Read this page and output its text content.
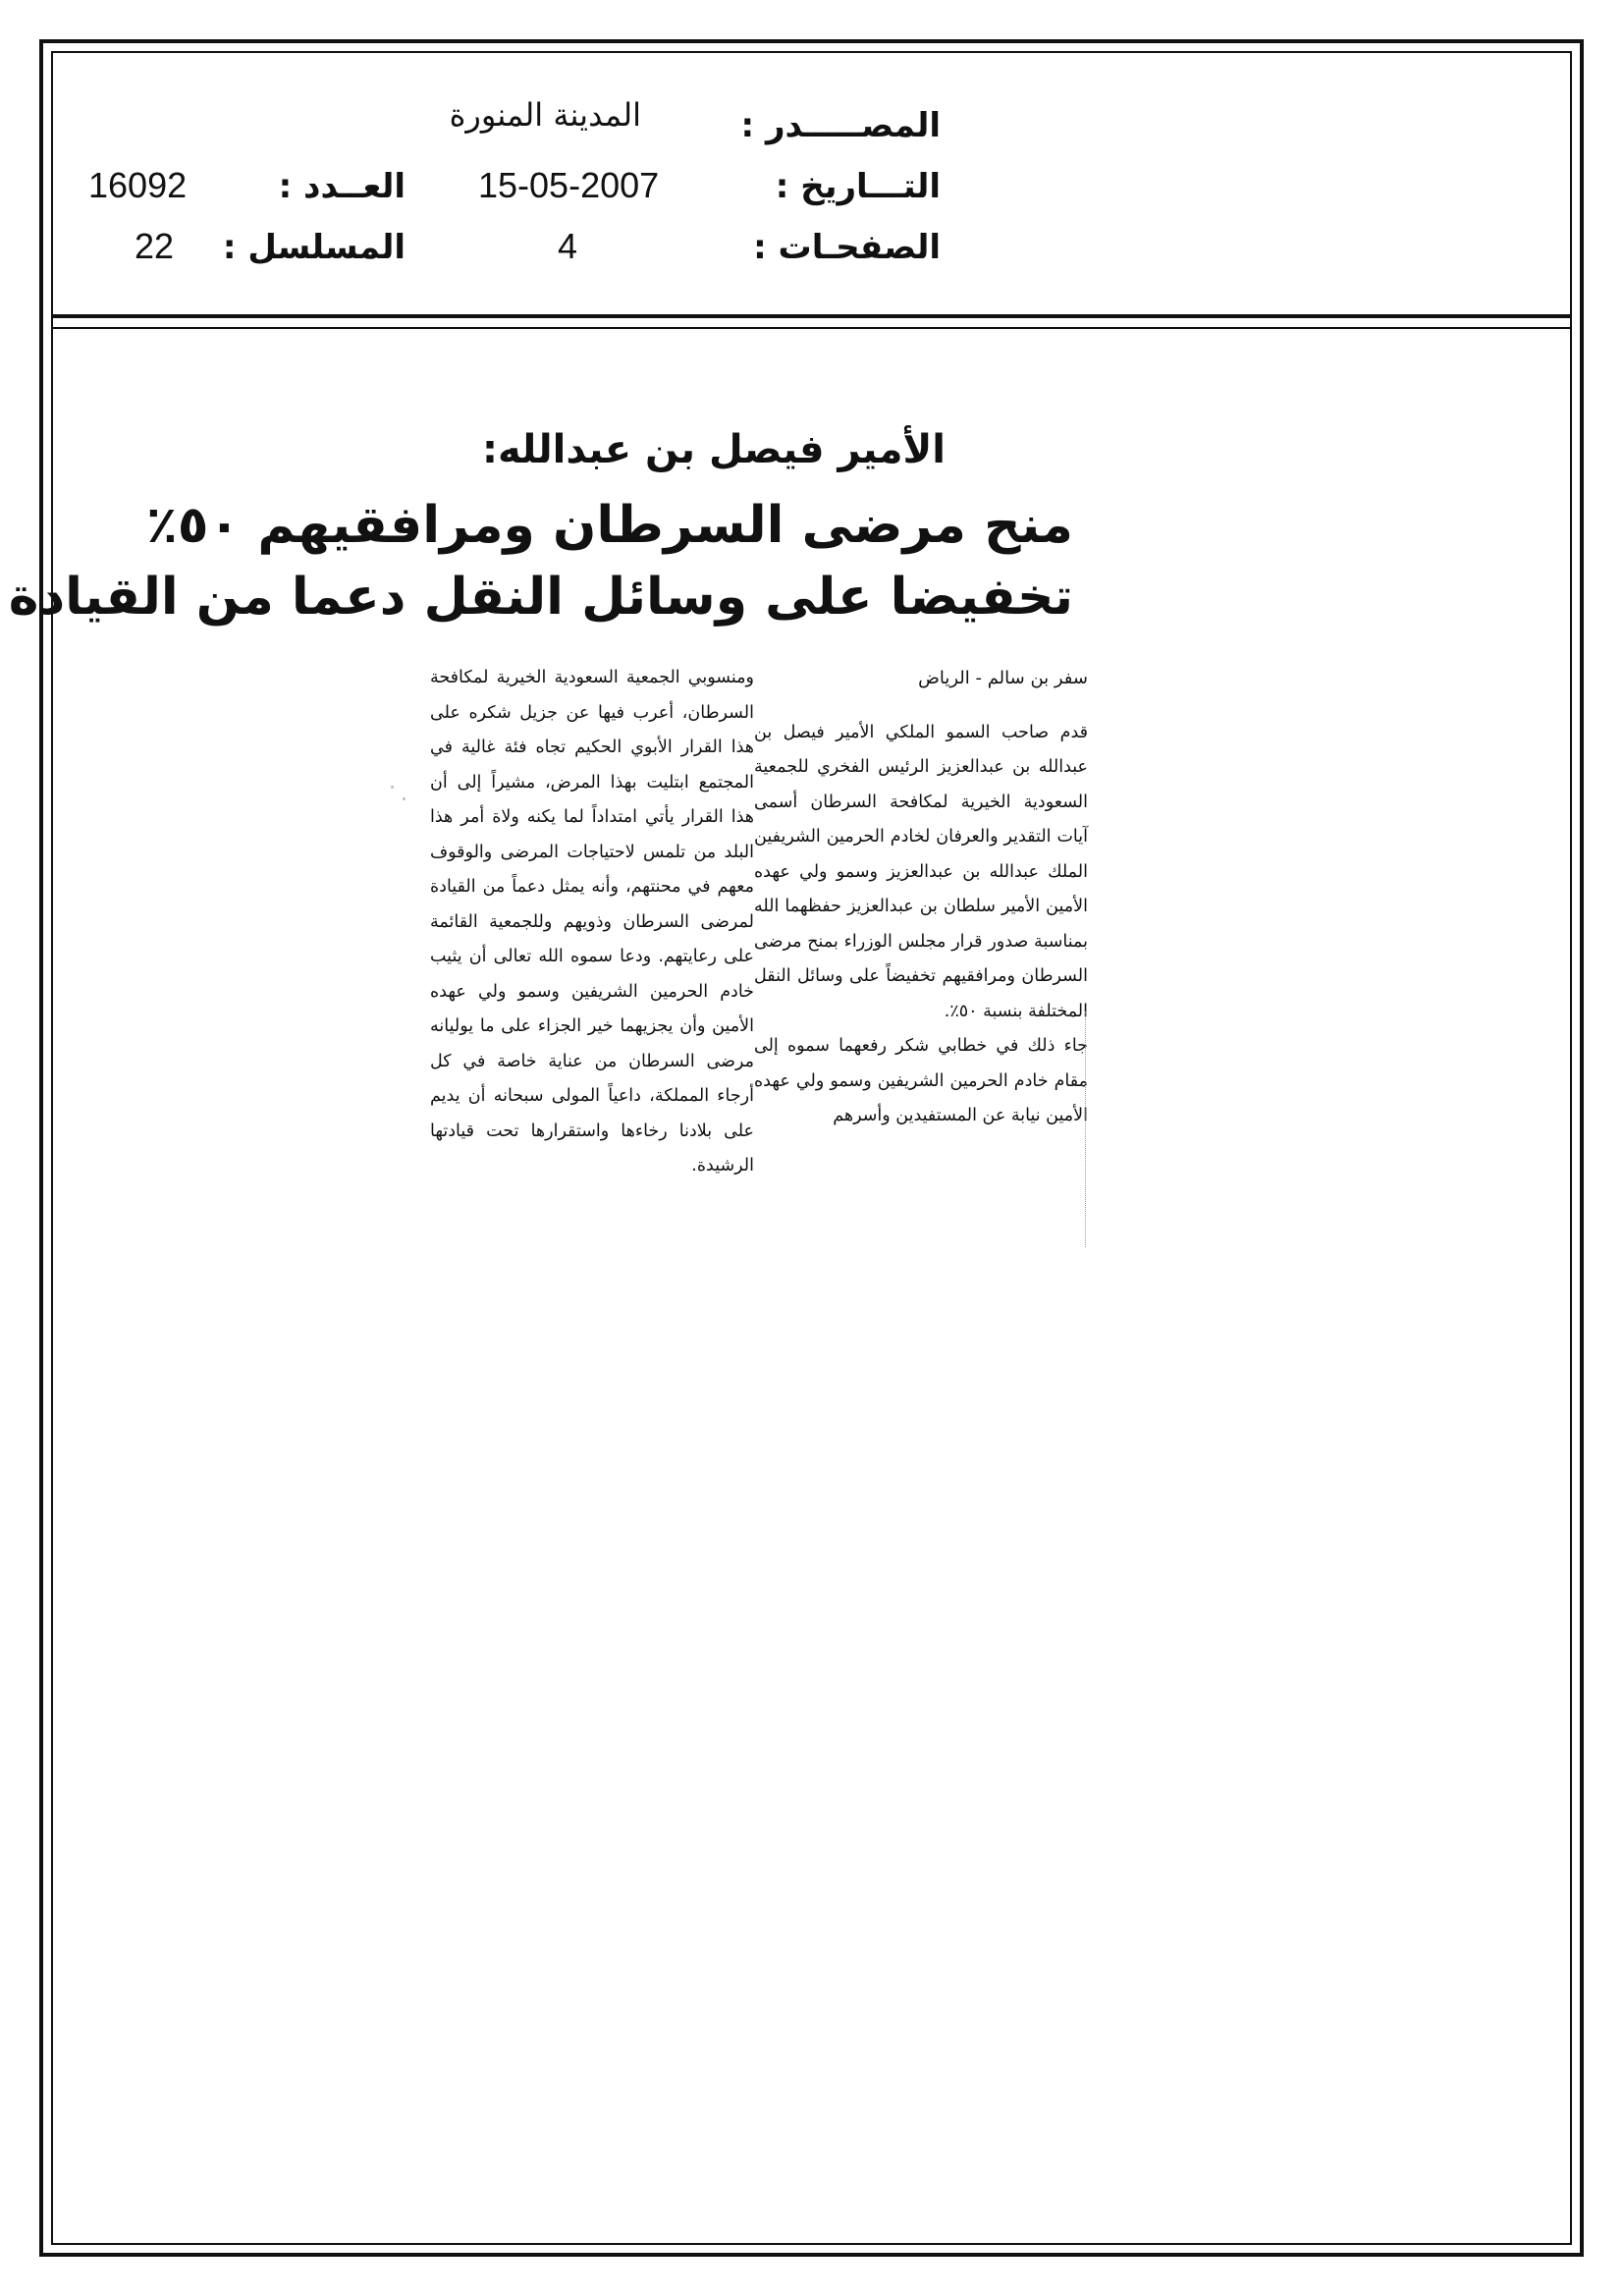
المصـــــدر :
المدينة المنورة
التـــاريخ :
15-05-2007
الصفحـات :
4
العــدد :
16092
المسلسل :
22
الأمير فيصل بن عبدالله:
منح مرضى السرطان ومرافقيهم ٥٠٪
تخفيضا على وسائل النقل دعما من القيادة

سفر بن سالم - الرياض

قدم صاحب السمو الملكي الأمير فيصل بن عبدالله بن عبدالعزيز الرئيس الفخري للجمعية السعودية الخيرية لمكافحة السرطان أسمى آيات التقدير والعرفان لخادم الحرمين الشريفين الملك عبدالله بن عبدالعزيز وسمو ولي عهده الأمين الأمير سلطان بن عبدالعزيز حفظهما الله بمناسبة صدور قرار مجلس الوزراء بمنح مرضى السرطان ومرافقيهم تخفيضاً على وسائل النقل المختلفة بنسبة ٥٠٪.

جاء ذلك في خطابي شكر رفعهما سموه إلى مقام خادم الحرمين الشريفين وسمو ولي عهده الأمين نيابة عن المستفيدين وأسرهم

ومنسوبي الجمعية السعودية الخيرية لمكافحة السرطان، أعرب فيها عن جزيل شكره على هذا القرار الأبوي الحكيم تجاه فئة غالية في المجتمع ابتليت بهذا المرض، مشيراً إلى أن هذا القرار يأتي امتداداً لما يكنه ولاة أمر هذا البلد من تلمس لاحتياجات المرضى والوقوف معهم في محنتهم، وأنه يمثل دعماً من القيادة لمرضى السرطان وذويهم وللجمعية القائمة على رعايتهم. ودعا سموه الله تعالى أن يثيب خادم الحرمين الشريفين وسمو ولي عهده الأمين وأن يجزيهما خير الجزاء على ما يوليانه مرضى السرطان من عناية خاصة في كل أرجاء المملكة، داعياً المولى سبحانه أن يديم على بلادنا رخاءها واستقرارها تحت قيادتها الرشيدة.
